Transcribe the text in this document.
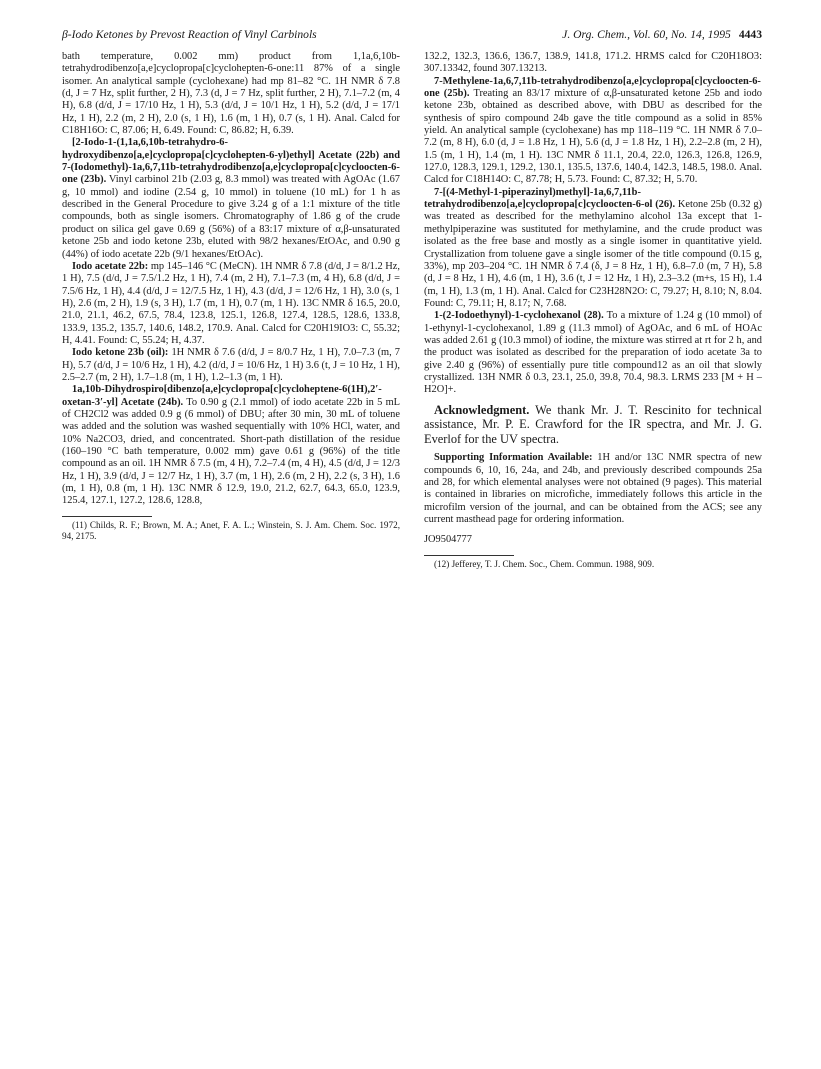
β-Iodo Ketones by Prevost Reaction of Vinyl Carbinols	J. Org. Chem., Vol. 60, No. 14, 1995 4443

bath temperature, 0.002 mm) product from 1,1a,6,10b-tetrahydrodibenzo[a,e]cyclopropa[c]cyclohepten-6-one:11 87% of a single isomer. An analytical sample (cyclohexane) had mp 81–82 °C. 1H NMR δ 7.8 (d, J = 7 Hz, split further, 2 H), 7.3 (d, J = 7 Hz, split further, 2 H), 7.1–7.2 (m, 4 H), 6.8 (d/d, J = 17/10 Hz, 1 H), 5.3 (d/d, J = 10/1 Hz, 1 H), 5.2 (d/d, J = 17/1 Hz, 1 H), 2.2 (m, 2 H), 2.0 (s, 1 H), 1.6 (m, 1 H), 0.7 (s, 1 H). Anal. Calcd for C18H16O: C, 87.06; H, 6.49. Found: C, 86.82; H, 6.39.

[2-Iodo-1-(1,1a,6,10b-tetrahydro-6-hydroxydibenzo[a,e]cyclopropa[c]cyclohepten-6-yl)ethyl] Acetate (22b) and 7-(Iodomethyl)-1a,6,7,11b-tetrahydrodibenzo[a,e]cyclopropa[c]cycloocten-6-one (23b). Vinyl carbinol 21b (2.03 g, 8.3 mmol) was treated with AgOAc (1.67 g, 10 mmol) and iodine (2.54 g, 10 mmol) in toluene (10 mL) for 1 h as described in the General Procedure to give 3.24 g of a 1:1 mixture of the title compounds, both as single isomers. Chromatography of 1.86 g of the crude product on silica gel gave 0.69 g (56%) of a 83:17 mixture of α,β-unsaturated ketone 25b and iodo ketone 23b, eluted with 98/2 hexanes/EtOAc, and 0.90 g (44%) of iodo acetate 22b (9/1 hexanes/EtOAc).

Iodo acetate 22b: mp 145–146 °C (MeCN). 1H NMR δ 7.8 (d/d, J = 8/1.2 Hz, 1 H), 7.5 (d/d, J = 7.5/1.2 Hz, 1 H), 7.4 (m, 2 H), 7.1–7.3 (m, 4 H), 6.8 (d/d, J = 7.5/6 Hz, 1 H), 4.4 (d/d, J = 12/7.5 Hz, 1 H), 4.3 (d/d, J = 12/6 Hz, 1 H), 3.0 (s, 1 H), 2.6 (m, 2 H), 1.9 (s, 3 H), 1.7 (m, 1 H), 0.7 (m, 1 H). 13C NMR δ 16.5, 20.0, 21.0, 21.1, 46.2, 67.5, 78.4, 123.8, 125.1, 126.8, 127.4, 128.5, 128.6, 133.8, 133.9, 135.2, 135.7, 140.6, 148.2, 170.9. Anal. Calcd for C20H19IO3: C, 55.32; H, 4.41. Found: C, 55.24; H, 4.37.

Iodo ketone 23b (oil): 1H NMR δ 7.6 (d/d, J = 8/0.7 Hz, 1 H), 7.0–7.3 (m, 7 H), 5.7 (d/d, J = 10/6 Hz, 1 H), 4.2 (d/d, J = 10/6 Hz, 1 H) 3.6 (t, J = 10 Hz, 1 H), 2.5–2.7 (m, 2 H), 1.7–1.8 (m, 1 H), 1.2–1.3 (m, 1 H).

1a,10b-Dihydrospiro[dibenzo[a,e]cyclopropa[c]cycloheptene-6(1H),2′-oxetan-3′-yl] Acetate (24b). To 0.90 g (2.1 mmol) of iodo acetate 22b in 5 mL of CH2Cl2 was added 0.9 g (6 mmol) of DBU; after 30 min, 30 mL of toluene was added and the solution was washed sequentially with 10% HCl, water, and 10% Na2CO3, dried, and concentrated. Short-path distillation of the residue (160–190 °C bath temperature, 0.002 mm) gave 0.61 g (96%) of the title compound as an oil. 1H NMR δ 7.5 (m, 4 H), 7.2–7.4 (m, 4 H), 4.5 (d/d, J = 12/3 Hz, 1 H), 3.9 (d/d, J = 12/7 Hz, 1 H), 3.7 (m, 1 H), 2.6 (m, 2 H), 2.2 (s, 3 H), 1.6 (m, 1 H), 0.8 (m, 1 H). 13C NMR δ 12.9, 19.0, 21.2, 62.7, 64.3, 65.0, 123.9, 125.4, 127.1, 127.2, 128.6, 128.8,

(11) Childs, R. F.; Brown, M. A.; Anet, F. A. L.; Winstein, S. J. Am. Chem. Soc. 1972, 94, 2175.

132.2, 132.3, 136.6, 136.7, 138.9, 141.8, 171.2. HRMS calcd for C20H18O3: 307.13342, found 307.13213.

7-Methylene-1a,6,7,11b-tetrahydrodibenzo[a,e]cyclopropa[c]cycloocten-6-one (25b). Treating an 83/17 mixture of α,β-unsaturated ketone 25b and iodo ketone 23b, obtained as described above, with DBU as described for the synthesis of spiro compound 24b gave the title compound as a solid in 85% yield. An analytical sample (cyclohexane) has mp 118–119 °C. 1H NMR δ 7.0–7.2 (m, 8 H), 6.0 (d, J = 1.8 Hz, 1 H), 5.6 (d, J = 1.8 Hz, 1 H), 2.2–2.8 (m, 2 H), 1.5 (m, 1 H), 1.4 (m, 1 H). 13C NMR δ 11.1, 20.4, 22.0, 126.3, 126.8, 126.9, 127.0, 128.3, 129.1, 129.2, 130.1, 135.5, 137.6, 140.4, 142.3, 148.5, 198.0. Anal. Calcd for C18H14O: C, 87.78; H, 5.73. Found: C, 87.32; H, 5.70.

7-[(4-Methyl-1-piperazinyl)methyl]-1a,6,7,11b-tetrahydrodibenzo[a,e]cyclopropa[c]cycloocten-6-ol (26). Ketone 25b (0.32 g) was treated as described for the methylamino alcohol 13a except that 1-methylpiperazine was sustituted for methylamine, and the crude product was isolated as the free base and mostly as a single isomer in quantitative yield. Crystallization from toluene gave a single isomer of the title compound (0.15 g, 33%), mp 203–204 °C. 1H NMR δ 7.4 (δ, J = 8 Hz, 1 H), 6.8–7.0 (m, 7 H), 5.8 (d, J = 8 Hz, 1 H), 4.6 (m, 1 H), 3.6 (t, J = 12 Hz, 1 H), 2.3–3.2 (m+s, 15 H), 1.4 (m, 1 H), 1.3 (m, 1 H). Anal. Calcd for C23H28N2O: C, 79.27; H, 8.10; N, 8.04. Found: C, 79.11; H, 8.17; N, 7.68.

1-(2-Iodoethynyl)-1-cyclohexanol (28). To a mixture of 1.24 g (10 mmol) of 1-ethynyl-1-cyclohexanol, 1.89 g (11.3 mmol) of AgOAc, and 6 mL of HOAc was added 2.61 g (10.3 mmol) of iodine, the mixture was stirred at rt for 2 h, and the product was isolated as described for the preparation of iodo acetate 3a to give 2.40 g (96%) of essentially pure title compound12 as an oil that slowly crystallized. 13H NMR δ 0.3, 23.1, 25.0, 39.8, 70.4, 98.3. LRMS 233 [M + H – H2O]+.

Acknowledgment. We thank Mr. J. T. Rescinito for technical assistance, Mr. P. E. Crawford for the IR spectra, and Mr. J. G. Everlof for the UV spectra.

Supporting Information Available: 1H and/or 13C NMR spectra of new compounds 6, 10, 16, 24a, and 24b, and previously described compounds 25a and 28, for which elemental analyses were not obtained (9 pages). This material is contained in libraries on microfiche, immediately follows this article in the microfilm version of the journal, and can be obtained from the ACS; see any current masthead page for ordering information.

JO9504777

(12) Jefferey, T. J. Chem. Soc., Chem. Commun. 1988, 909.
